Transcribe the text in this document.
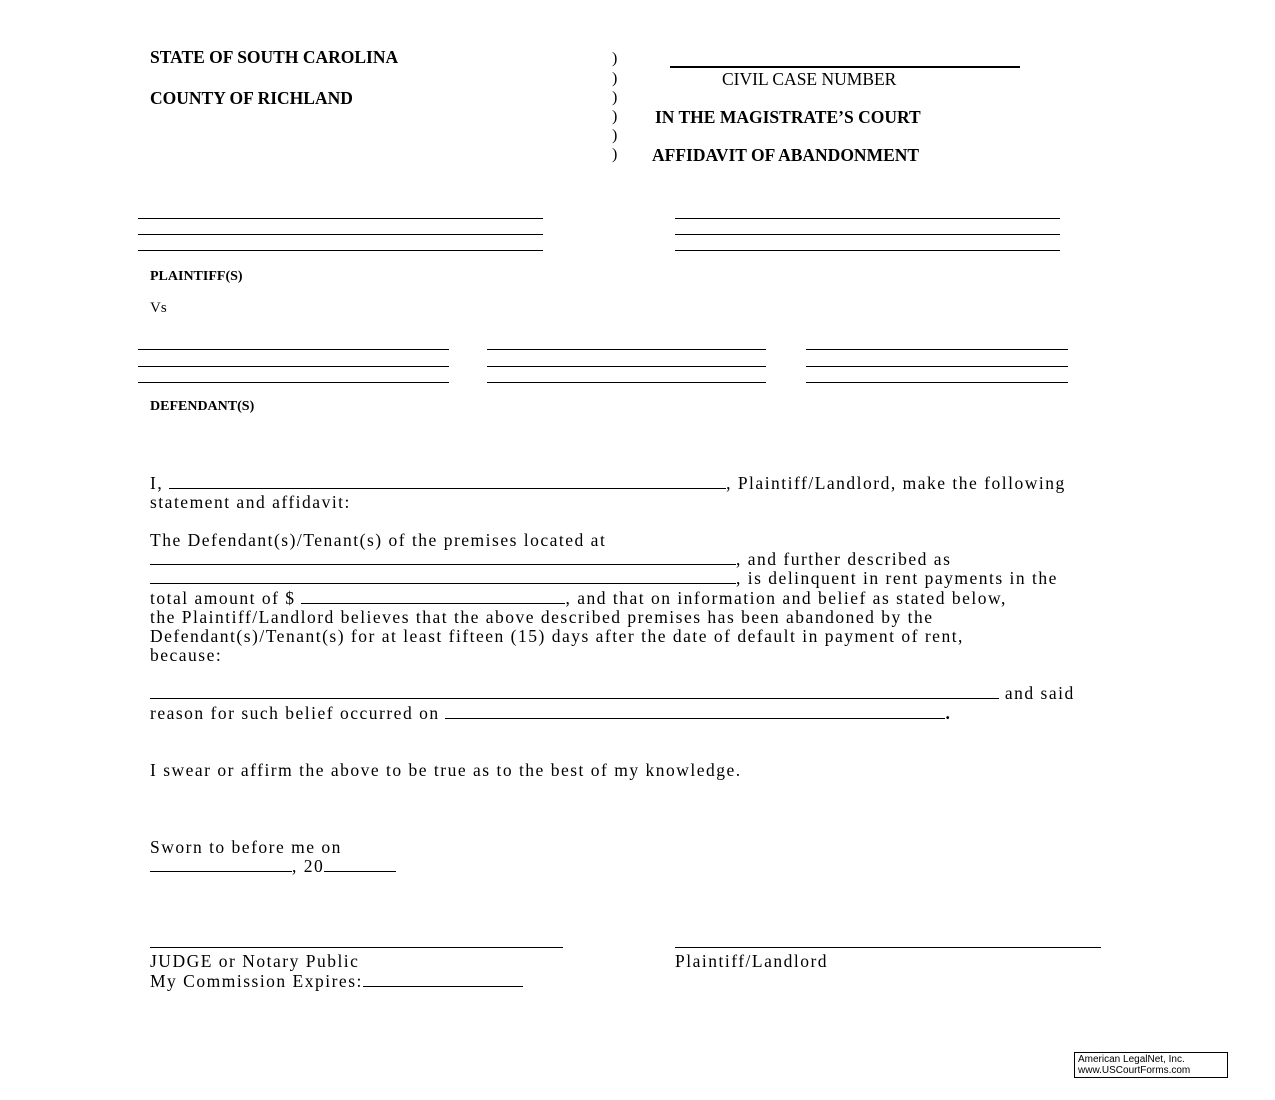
STATE OF SOUTH CAROLINA
COUNTY OF RICHLAND
)
)
)
)
)
)
CIVIL CASE NUMBER
IN THE MAGISTRATE’S COURT
AFFIDAVIT OF ABANDONMENT
PLAINTIFF(S)
Vs
DEFENDANT(S)
I,	, Plaintiff/Landlord, make the following
statement and affidavit:
The Defendant(s)/Tenant(s) of the premises located at
, and further described as
, is delinquent in rent payments in the
total amount of $	, and that on information and belief as stated below,
the Plaintiff/Landlord believes that the above described premises has been abandoned by the
Defendant(s)/Tenant(s) for at least fifteen (15) days after the date of default in payment of rent,
because:
and said
reason for such belief occurred on	.
I swear or affirm the above to be true as to the best of my knowledge.
Sworn to before me on
, 20
JUDGE or Notary Public	Plaintiff/Landlord
My Commission Expires:
American LegalNet, Inc.
www.USCourtForms.com
